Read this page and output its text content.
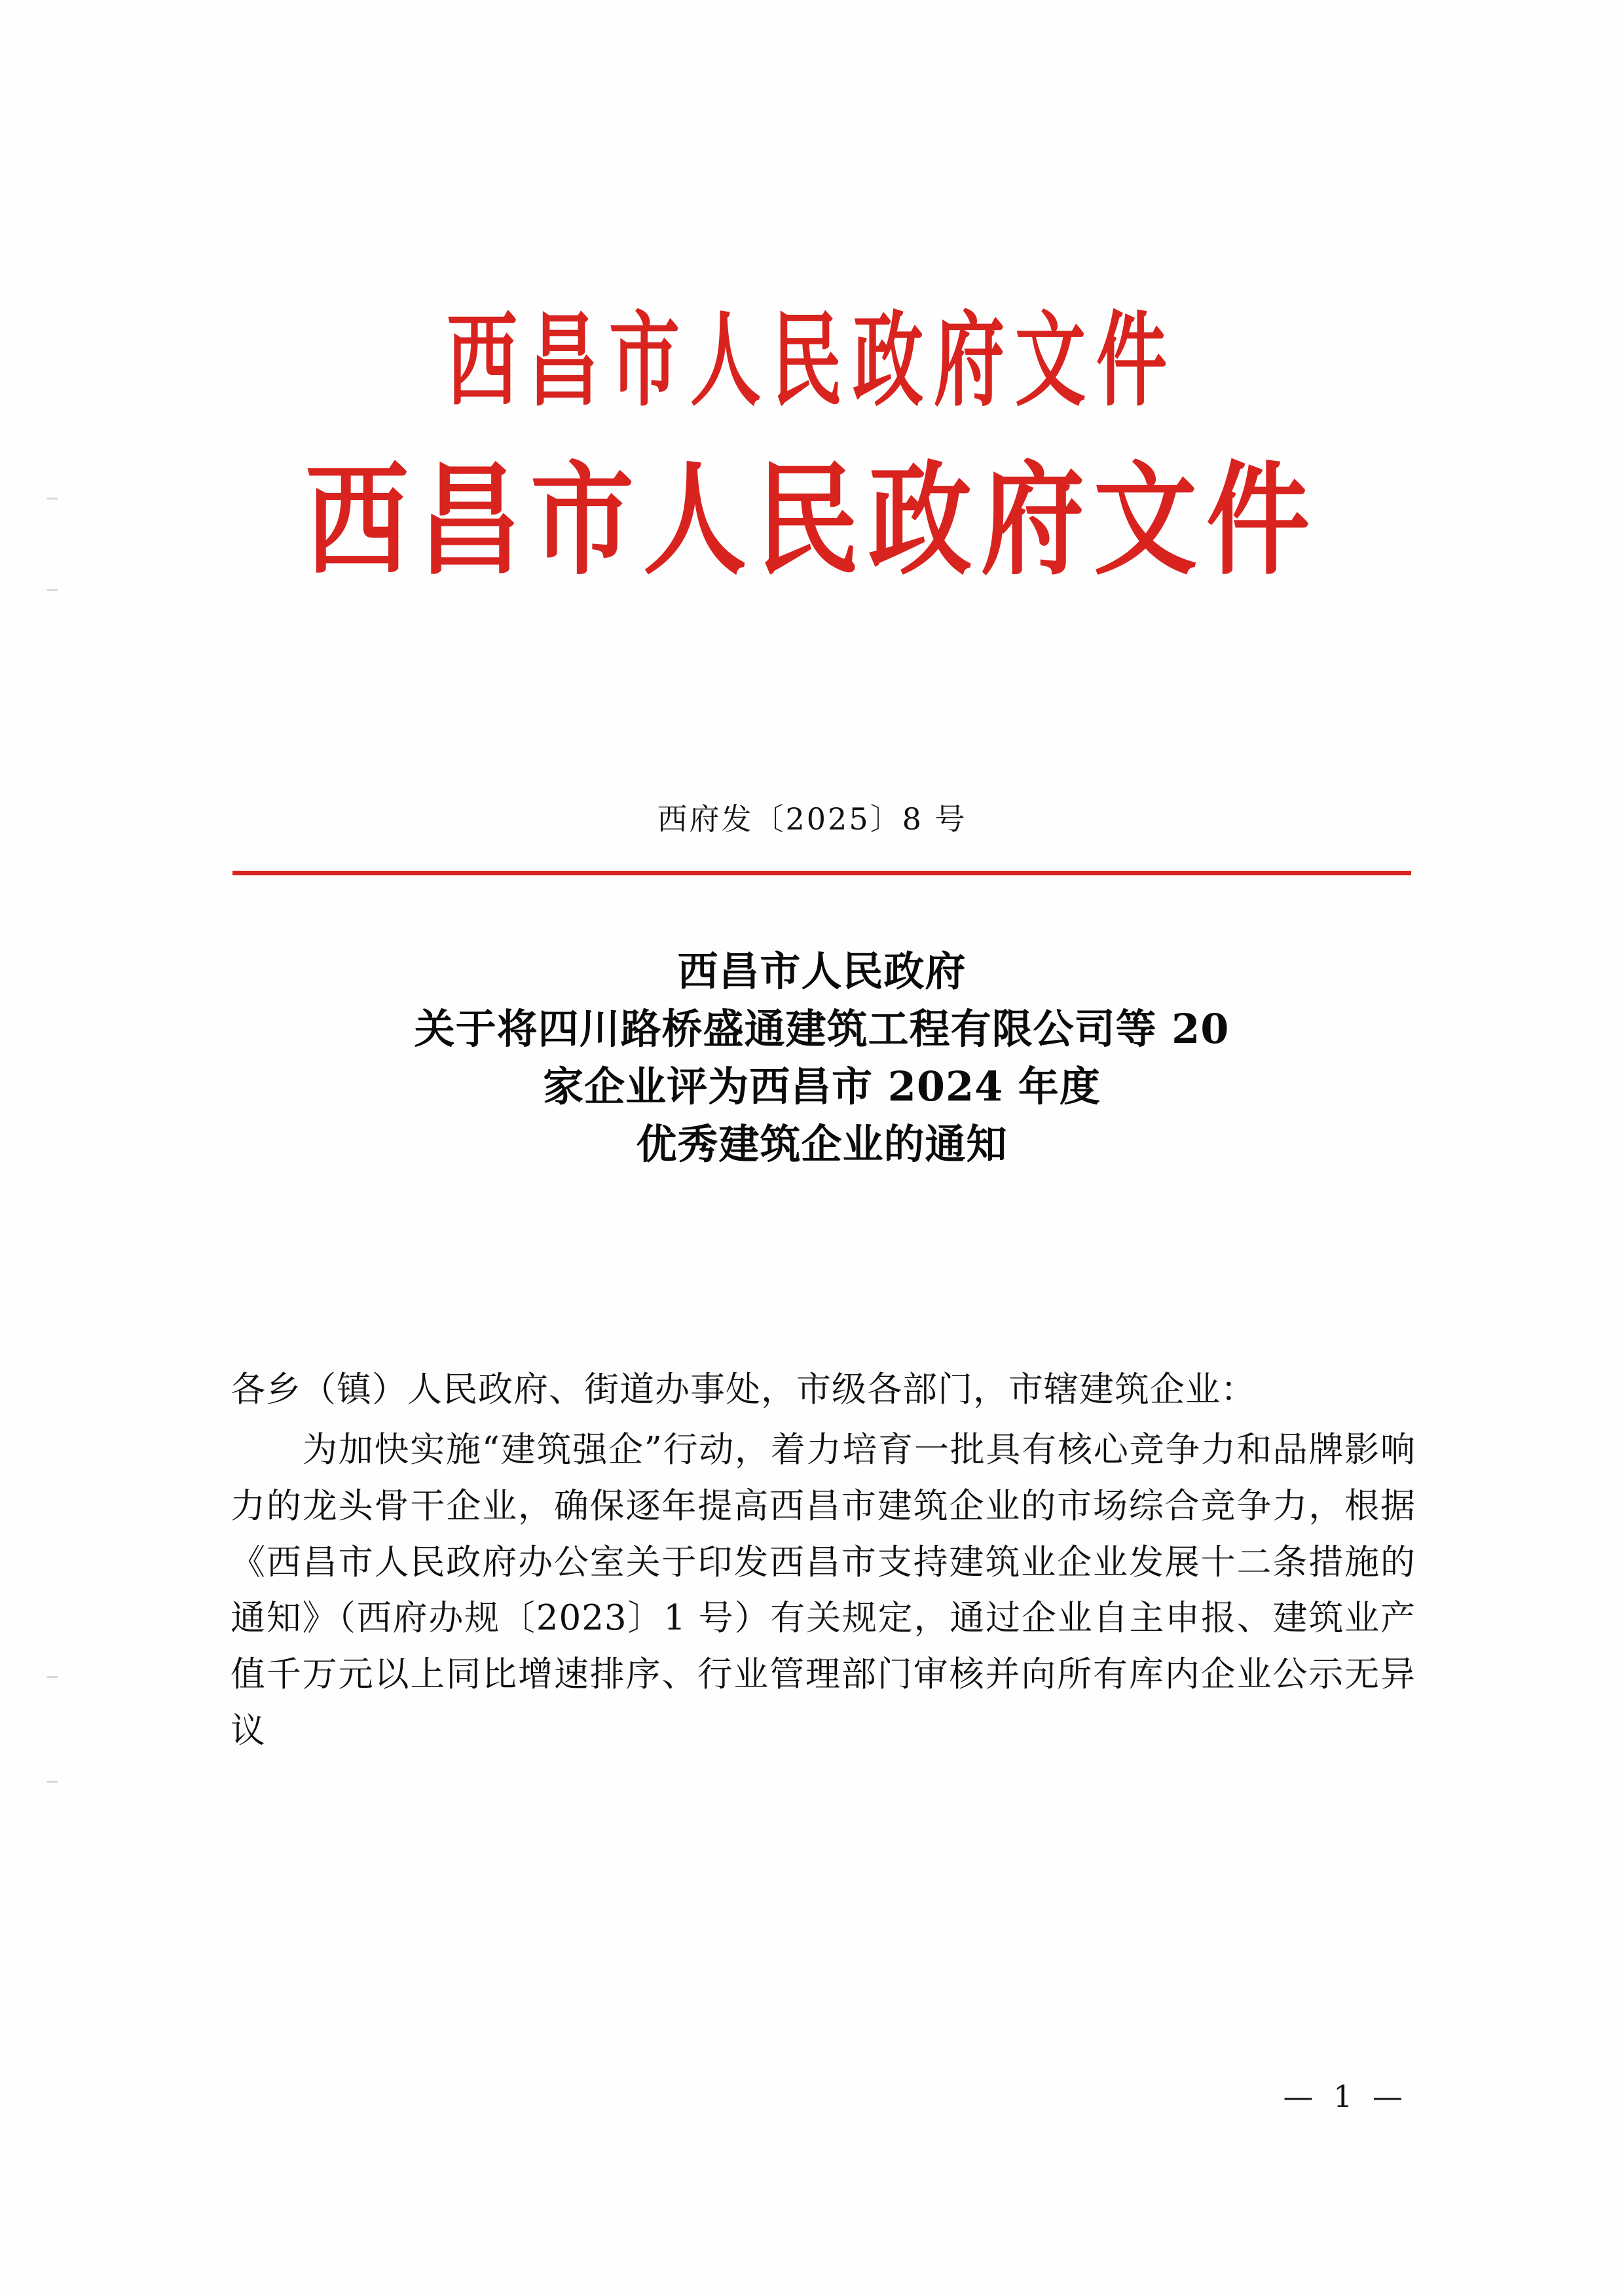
西昌市人民政府文件
西昌市人民政府文件
西府发〔2025〕8 号
西昌市人民政府
关于将四川路桥盛通建筑工程有限公司等 20
家企业评为西昌市 2024 年度
优秀建筑企业的通知

各乡（镇）人民政府、街道办事处，市级各部门，市辖建筑企业：

为加快实施“建筑强企”行动，着力培育一批具有核心竞争力和品牌影响力的龙头骨干企业，确保逐年提高西昌市建筑企业的市场综合竞争力，根据《西昌市人民政府办公室关于印发西昌市支持建筑业企业发展十二条措施的通知》（西府办规〔2023〕1 号）有关规定，通过企业自主申报、建筑业产值千万元以上同比增速排序、行业管理部门审核并向所有库内企业公示无异议

— 1 —
